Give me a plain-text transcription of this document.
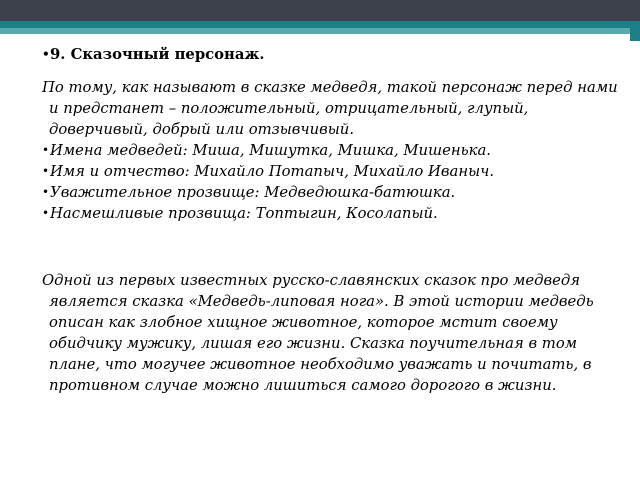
• 9. Сказочный персонаж.

По тому, как называют в сказке медведя, такой персонаж перед нами и предстанет – положительный, отрицательный, глупый, доверчивый, добрый или отзывчивый.

• Имена медведей: Миша, Мишутка, Мишка, Мишенька.

• Имя и отчество: Михайло Потапыч, Михайло Иваныч.

• Уважительное прозвище: Медведюшка-батюшка.

• Насмешливые прозвища: Топтыгин, Косолапый.

Одной из первых известных русско-славянских сказок про медведя является сказка «Медведь-липовая нога». В этой истории медведь описан как злобное хищное животное, которое мстит своему обидчику мужику, лишая его жизни. Сказка поучительная в том плане, что могучее животное необходимо уважать и почитать, в противном случае можно лишиться самого дорогого в жизни.
